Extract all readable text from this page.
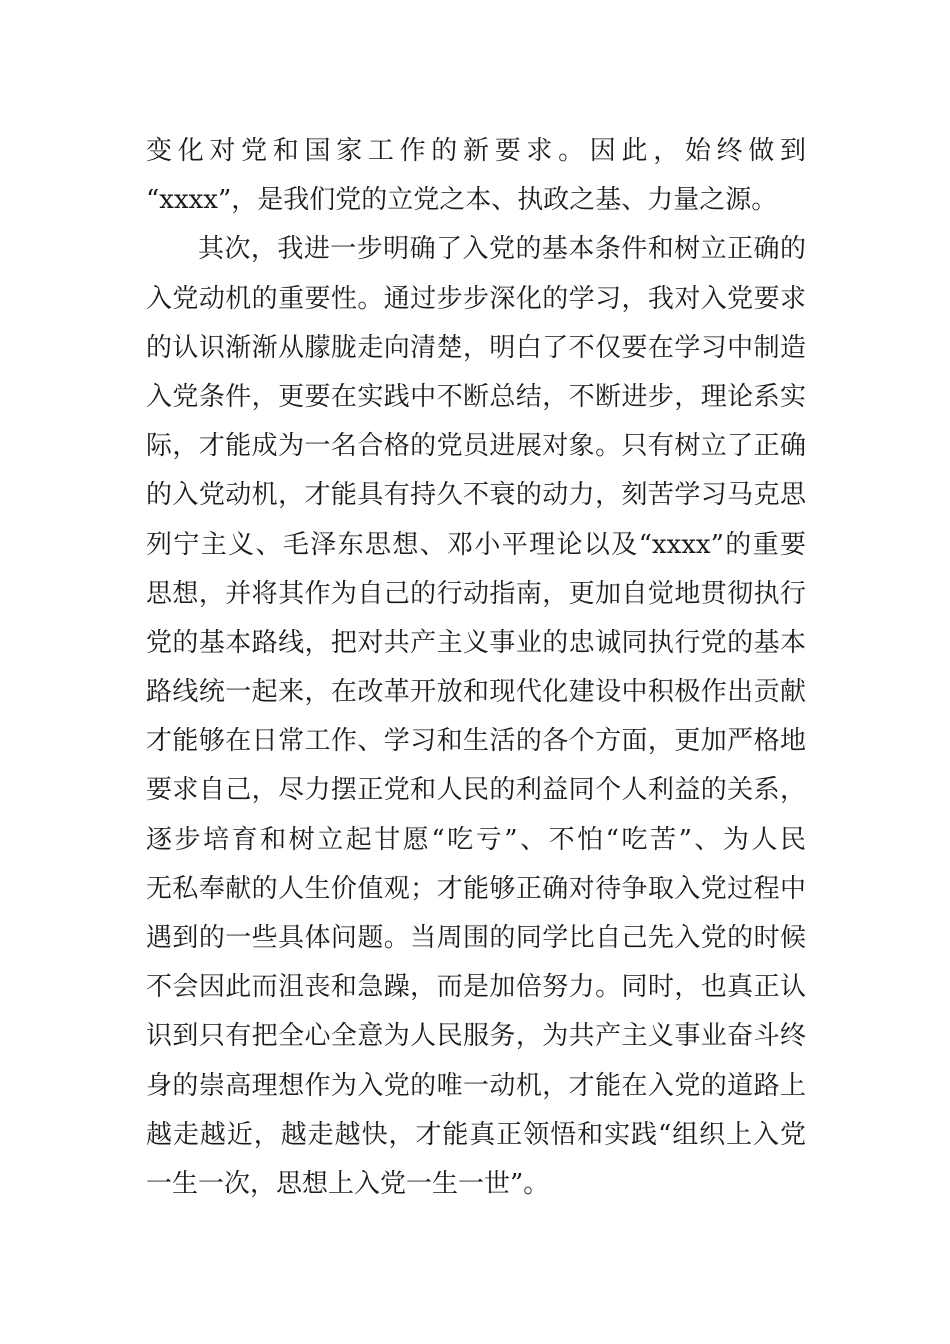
变化对党和国家工作的新要求。因此，始终做到
“xxxx”，是我们党的立党之本、执政之基、力量之源。
其次，我进一步明确了入党的基本条件和树立正确的
入党动机的重要性。通过步步深化的学习，我对入党要求
的认识渐渐从朦胧走向清楚，明白了不仅要在学习中制造
入党条件，更要在实践中不断总结，不断进步，理论系实
际，才能成为一名合格的党员进展对象。只有树立了正确
的入党动机，才能具有持久不衰的动力，刻苦学习马克思
列宁主义、毛泽东思想、邓小平理论以及“xxxx”的重要
思想，并将其作为自己的行动指南，更加自觉地贯彻执行
党的基本路线，把对共产主义事业的忠诚同执行党的基本
路线统一起来，在改革开放和现代化建设中积极作出贡献
才能够在日常工作、学习和生活的各个方面，更加严格地
要求自己，尽力摆正党和人民的利益同个人利益的关系，
逐步培育和树立起甘愿“吃亏”、不怕“吃苦”、为人民
无私奉献的人生价值观；才能够正确对待争取入党过程中
遇到的一些具体问题。当周围的同学比自己先入党的时候
不会因此而沮丧和急躁，而是加倍努力。同时，也真正认
识到只有把全心全意为人民服务，为共产主义事业奋斗终
身的崇高理想作为入党的唯一动机，才能在入党的道路上
越走越近，越走越快，才能真正领悟和实践“组织上入党
一生一次，思想上入党一生一世”。
